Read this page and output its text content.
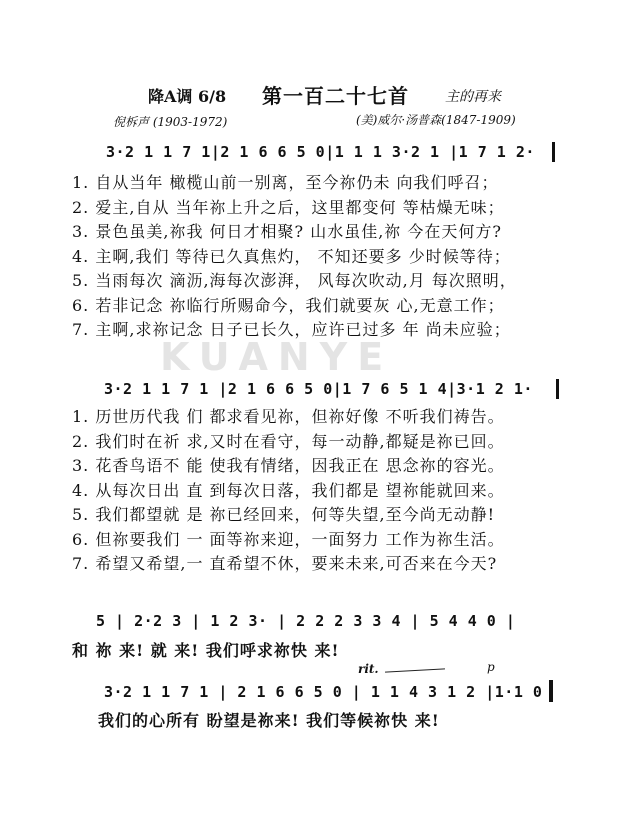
降A调 6/8 第一百二十七首	主的再来
倪柝声 (1903-1972)	(美)威尔·汤普森(1847-1909)
3·2 1 1 7 1|2 1 6 6 5 0|1 1 1 3·2 1 |1 7 1 2·
1. 自从当年 橄榄山前一别离，至今祢仍未 向我们呼召；
2. 爱主,自从 当年祢上升之后，这里都变何 等枯燥无味；
3. 景色虽美,祢我 何日才相聚? 山水虽佳,祢 今在天何方?
4. 主啊,我们 等待已久真焦灼， 不知还要多 少时候等待；
5. 当雨每次 滴沥,海每次澎湃， 风每次吹动,月 每次照明，
6. 若非记念 祢临行所赐命今，我们就要灰 心,无意工作；
7. 主啊,求祢记念 日子已长久，应许已过多 年 尚未应验；
KUANYE
3·2 1 1 7 1 |2 1 6 6 5 0|1 7 6 5 1 4|3·1 2 1·
1. 历世历代我 们 都求看见祢，但祢好像 不听我们祷告。
2. 我们时在祈 求,又时在看守，每一动静,都疑是祢已回。
3. 花香鸟语不 能 使我有情绪，因我正在 思念祢的容光。
4. 从每次日出 直 到每次日落，我们都是 望祢能就回来。
5. 我们都望就 是 祢已经回来，何等失望,至今尚无动静!
6. 但祢要我们 一 面等祢来迎，一面努力 工作为祢生活。
7. 希望又希望,一 直希望不休，要来未来,可否来在今天?
5 | 2·2 3 | 1 2 3· | 2 2 2 3 3 4 | 5 4 4 0 |
和 祢 来! 就 来! 我们呼求祢快 来!
rit.	p
3·2 1 1 7 1 | 2 1 6 6 5 0 | 1 1 4 3 1 2 |1·1 0
我们的心所有 盼望是祢来! 我们等候祢快 来!
